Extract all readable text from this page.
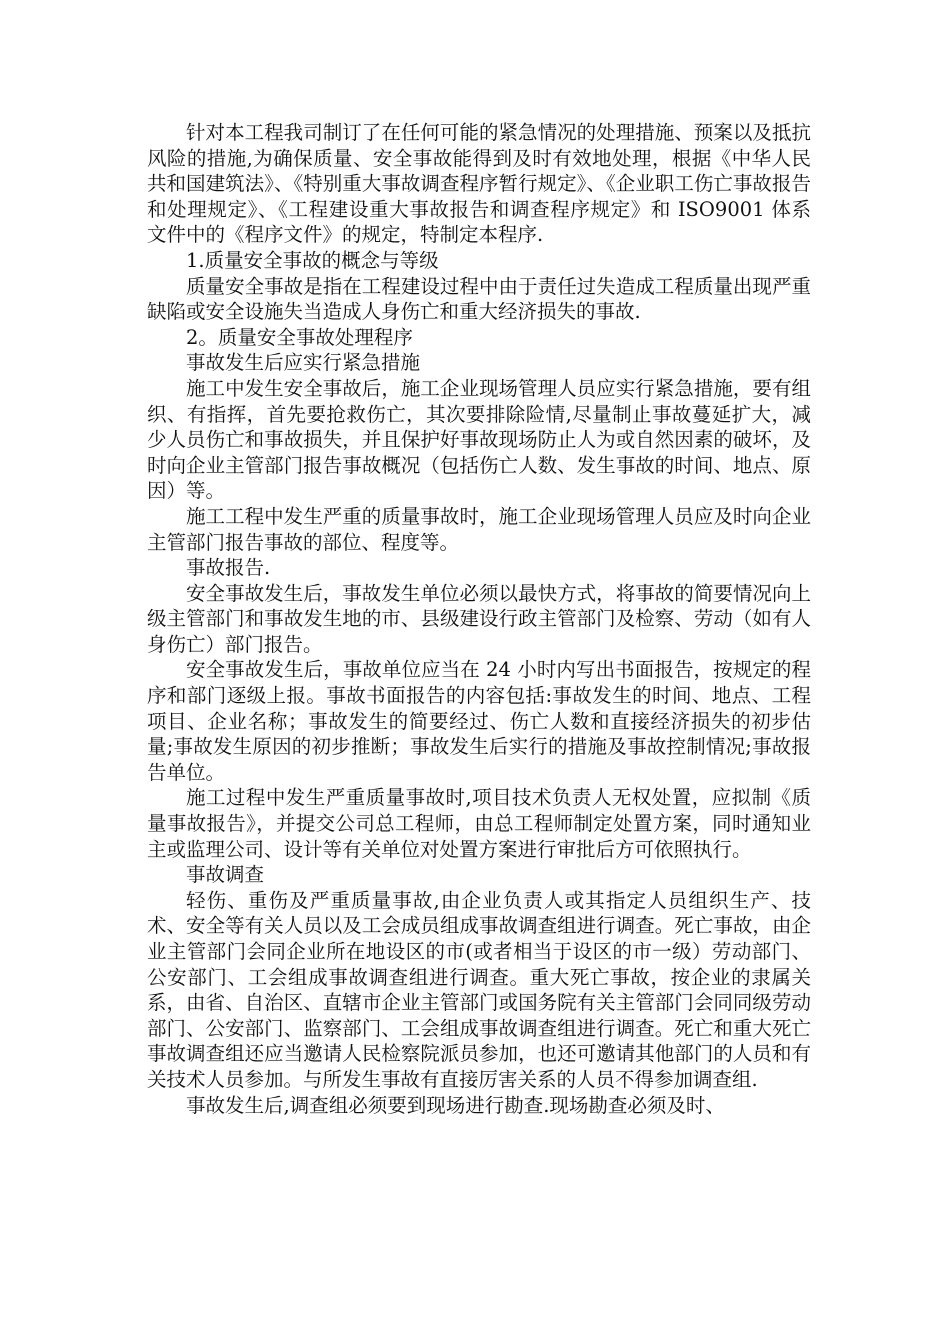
针对本工程我司制订了在任何可能的紧急情况的处理措施、预案以及抵抗风险的措施,为确保质量、安全事故能得到及时有效地处理，根据《中华人民共和国建筑法》、《特别重大事故调查程序暂行规定》、《企业职工伤亡事故报告和处理规定》、《工程建设重大事故报告和调查程序规定》和 ISO9001 体系文件中的《程序文件》的规定，特制定本程序.

1.质量安全事故的概念与等级

质量安全事故是指在工程建设过程中由于责任过失造成工程质量出现严重缺陷或安全设施失当造成人身伤亡和重大经济损失的事故.

2。质量安全事故处理程序

事故发生后应实行紧急措施

施工中发生安全事故后，施工企业现场管理人员应实行紧急措施，要有组织、有指挥，首先要抢救伤亡，其次要排除险情,尽量制止事故蔓延扩大，减少人员伤亡和事故损失，并且保护好事故现场防止人为或自然因素的破坏，及时向企业主管部门报告事故概况（包括伤亡人数、发生事故的时间、地点、原因）等。

施工工程中发生严重的质量事故时，施工企业现场管理人员应及时向企业主管部门报告事故的部位、程度等。

事故报告.

安全事故发生后，事故发生单位必须以最快方式，将事故的简要情况向上级主管部门和事故发生地的市、县级建设行政主管部门及检察、劳动（如有人身伤亡）部门报告。

安全事故发生后，事故单位应当在 24 小时内写出书面报告，按规定的程序和部门逐级上报。事故书面报告的内容包括:事故发生的时间、地点、工程项目、企业名称；事故发生的简要经过、伤亡人数和直接经济损失的初步估量;事故发生原因的初步推断；事故发生后实行的措施及事故控制情况;事故报告单位。

施工过程中发生严重质量事故时,项目技术负责人无权处置，应拟制《质量事故报告》，并提交公司总工程师，由总工程师制定处置方案，同时通知业主或监理公司、设计等有关单位对处置方案进行审批后方可依照执行。

事故调查

轻伤、重伤及严重质量事故,由企业负责人或其指定人员组织生产、技术、安全等有关人员以及工会成员组成事故调查组进行调查。死亡事故，由企业主管部门会同企业所在地设区的市(或者相当于设区的市一级）劳动部门、公安部门、工会组成事故调查组进行调查。重大死亡事故，按企业的隶属关系，由省、自治区、直辖市企业主管部门或国务院有关主管部门会同同级劳动部门、公安部门、监察部门、工会组成事故调查组进行调查。死亡和重大死亡事故调查组还应当邀请人民检察院派员参加，也还可邀请其他部门的人员和有关技术人员参加。与所发生事故有直接厉害关系的人员不得参加调查组.

事故发生后,调查组必须要到现场进行勘查.现场勘查必须及时、
